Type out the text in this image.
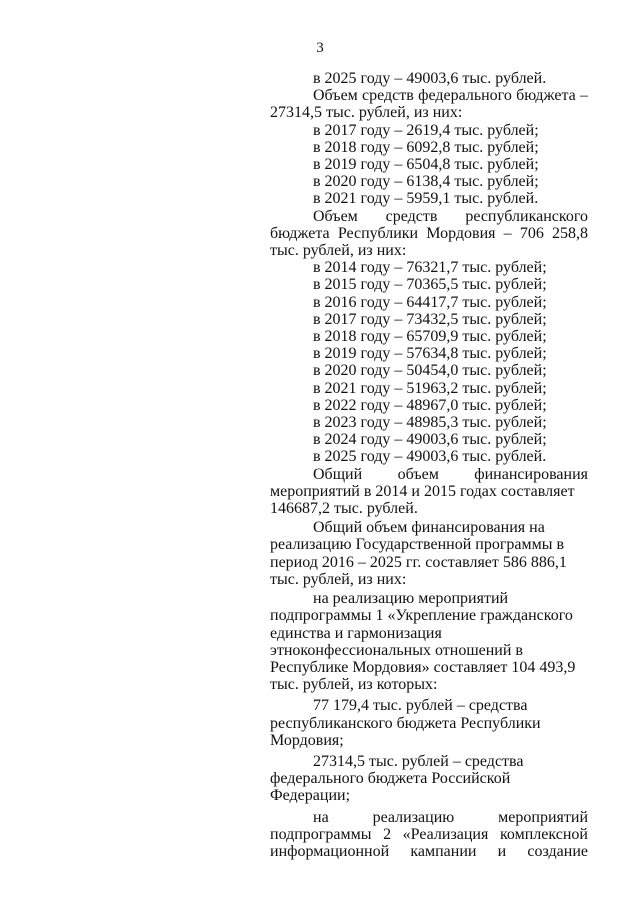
3

в 2025 году – 49003,6 тыс. рублей.

Объем средств федерального бюджета – 27314,5 тыс. рублей, из них:

в 2017 году – 2619,4 тыс. рублей;

в 2018 году – 6092,8 тыс. рублей;

в 2019 году – 6504,8 тыс. рублей;

в 2020 году – 6138,4 тыс. рублей;

в 2021 году – 5959,1 тыс. рублей.

Объем средств республиканского бюджета Республики Мордовия – 706 258,8 тыс. рублей, из них:

в 2014 году – 76321,7 тыс. рублей;

в 2015 году – 70365,5 тыс. рублей;

в 2016 году – 64417,7 тыс. рублей;

в 2017 году – 73432,5 тыс. рублей;

в 2018 году – 65709,9 тыс. рублей;

в 2019 году – 57634,8 тыс. рублей;

в 2020 году – 50454,0 тыс. рублей;

в 2021 году – 51963,2 тыс. рублей;

в 2022 году – 48967,0 тыс. рублей;

в 2023 году – 48985,3 тыс. рублей;

в 2024 году – 49003,6 тыс. рублей;

в 2025 году – 49003,6 тыс. рублей.

Общий объем финансирования

мероприятий в 2014 и 2015 годах составляет 146687,2 тыс. рублей.

Общий объем финансирования на реализацию Государственной программы в период 2016 – 2025 гг. составляет 586 886,1 тыс. рублей, из них:

на реализацию мероприятий подпрограммы 1 «Укрепление гражданского единства и гармонизация этноконфессиональных отношений в Республике Мордовия» составляет 104 493,9 тыс. рублей, из которых:

77 179,4 тыс. рублей – средства республиканского бюджета Республики Мордовия;

27314,5 тыс. рублей – средства федерального бюджета Российской Федерации;

на реализацию мероприятий подпрограммы 2 «Реализация комплексной информационной кампании и создание
